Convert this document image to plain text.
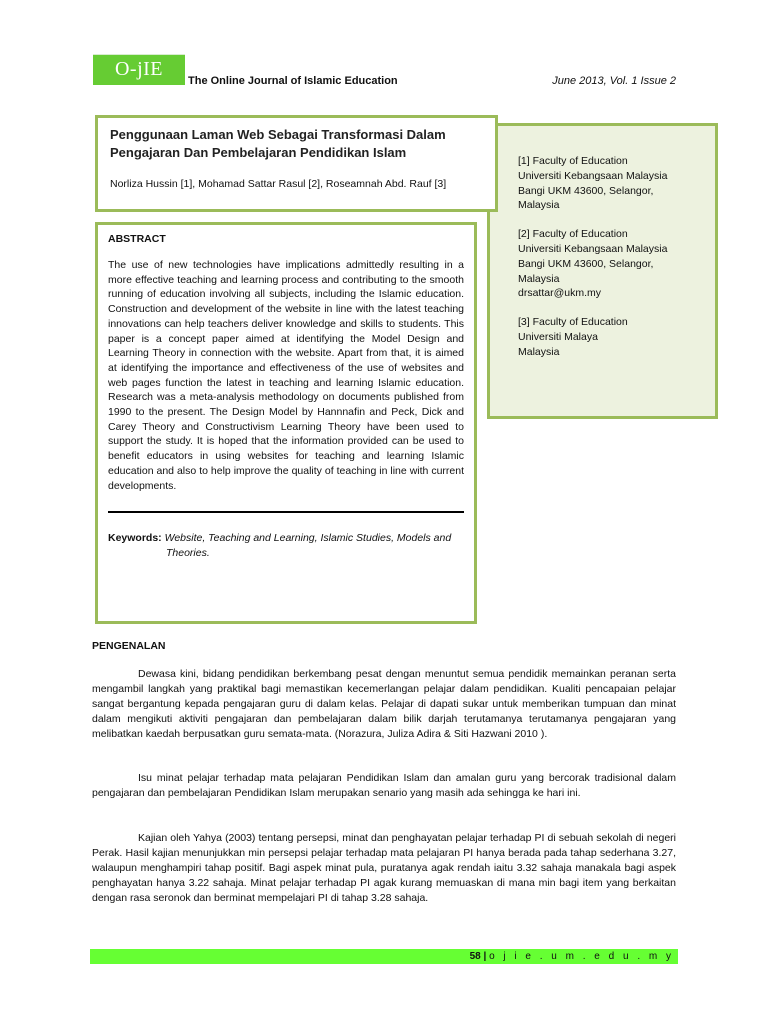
O-jIE
The Online Journal of Islamic Education	June 2013, Vol. 1 Issue 2

Penggunaan Laman Web Sebagai Transformasi Dalam Pengajaran Dan Pembelajaran Pendidikan Islam

Norliza Hussin [1], Mohamad Sattar Rasul [2], Roseamnah Abd. Rauf [3]
[1] Faculty of Education
Universiti Kebangsaan Malaysia
Bangi UKM 43600, Selangor,
Malaysia
[2] Faculty of Education
Universiti Kebangsaan Malaysia
Bangi UKM 43600, Selangor,
Malaysia
drsattar@ukm.my
[3] Faculty of Education
Universiti Malaya
Malaysia

ABSTRACT

The use of new technologies have implications admittedly resulting in a more effective teaching and learning process and contributing to the smooth running of education involving all subjects, including the Islamic education. Construction and development of the website in line with the latest teaching innovations can help teachers deliver knowledge and skills to students. This paper is a concept paper aimed at identifying the Model Design and Learning Theory in connection with the website. Apart from that, it is aimed at identifying the importance and effectiveness of the use of websites and web pages function the latest in teaching and learning Islamic education. Research was a meta-analysis methodology on documents published from 1990 to the present. The Design Model by Hannnafin and Peck, Dick and Carey Theory and Constructivism Learning Theory have been used to support the study. It is hoped that the information provided can be used to benefit educators in using websites for teaching and learning Islamic education and also to help improve the quality of teaching in line with current developments.

Keywords: Website, Teaching and Learning, Islamic Studies, Models and Theories.
PENGENALAN

Dewasa kini, bidang pendidikan berkembang pesat dengan menuntut semua pendidik memainkan peranan serta mengambil langkah yang praktikal bagi memastikan kecemerlangan pelajar dalam pendidikan. Kualiti pencapaian pelajar sangat bergantung kepada pengajaran guru di dalam kelas. Pelajar di dapati sukar untuk memberikan tumpuan dan minat dalam mengikuti aktiviti pengajaran dan pembelajaran dalam bilik darjah terutamanya terutamanya pengajaran yang melibatkan kaedah berpusatkan guru semata-mata. (Norazura, Juliza Adira & Siti Hazwani 2010 ).

Isu minat pelajar terhadap mata pelajaran Pendidikan Islam dan amalan guru yang bercorak tradisional dalam pengajaran dan pembelajaran Pendidikan Islam merupakan senario yang masih ada sehingga ke hari ini.

Kajian oleh Yahya (2003) tentang persepsi, minat dan penghayatan pelajar terhadap PI di sebuah sekolah di negeri Perak. Hasil kajian menunjukkan min persepsi pelajar terhadap mata pelajaran PI hanya berada pada tahap sederhana 3.27, walaupun menghampiri tahap positif. Bagi aspek minat pula, puratanya agak rendah iaitu 3.32 sahaja manakala bagi aspek penghayatan hanya 3.22 sahaja. Minat pelajar terhadap PI agak kurang memuaskan di mana min bagi item yang berkaitan dengan rasa seronok dan berminat mempelajari PI di tahap 3.28 sahaja.

58 | o j i e . u m . e d u . m y
